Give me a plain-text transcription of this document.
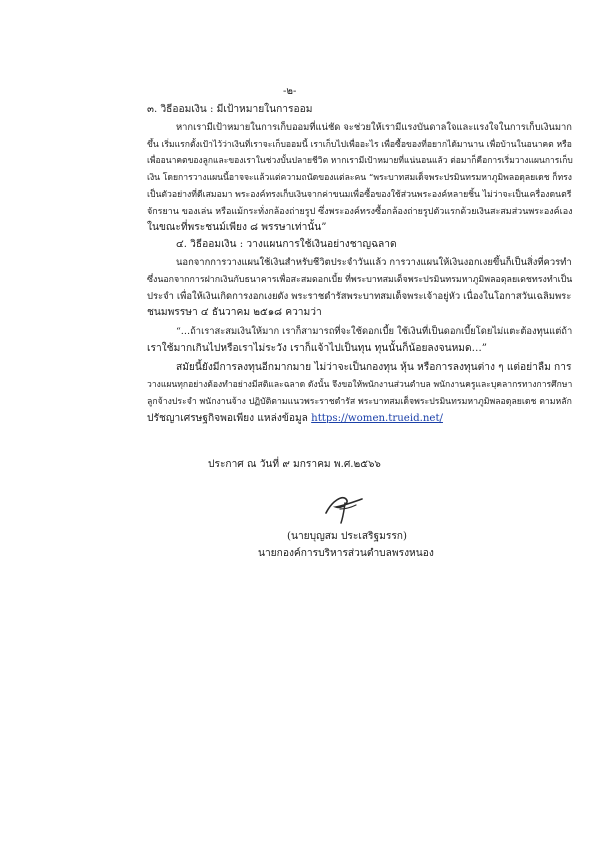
-๒-
๓. วิธีออมเงิน : มีเป้าหมายในการออม
หากเรามีเป้าหมายในการเก็บออมที่แน่ชัด จะช่วยให้เรามีแรงบันดาลใจและแรงใจในการเก็บเงินมาก
ขึ้น เริ่มแรกตั้งเป้าไว้ว่าเงินที่เราจะเก็บออมนี้ เราเก็บไปเพื่ออะไร เพื่อซื้อของที่อยากได้มานาน เพื่อบ้านในอนาคต หรือ
เพื่ออนาคตของลูกและของเราในช่วงบั้นปลายชีวิต หากเรามีเป้าหมายที่แน่นอนแล้ว ต่อมาก็คือการเริ่มวางแผนการเก็บ
เงิน โดยการวางแผนนี้อาจจะแล้วแต่ความถนัดของแต่ละคน “พระบาทสมเด็จพระปรมินทรมหาภูมิพลอดุลยเดช ก็ทรง
เป็นตัวอย่างที่ดีเสมอมา พระองค์ทรงเก็บเงินจากค่าขนมเพื่อซื้อของใช้ส่วนพระองค์หลายชิ้น ไม่ว่าจะเป็นเครื่องดนตรี
จักรยาน ของเล่น หรือแม้กระทั่งกล้องถ่ายรูป ซึ่งพระองค์ทรงซื้อกล้องถ่ายรูปตัวแรกด้วยเงินสะสมส่วนพระองค์เอง
ในขณะที่พระชนม์เพียง ๘ พรรษาเท่านั้น”
๔. วิธีออมเงิน : วางแผนการใช้เงินอย่างชาญฉลาด
นอกจากการวางแผนใช้เงินสำหรับชีวิตประจำวันแล้ว การวางแผนให้เงินงอกเงยขึ้นก็เป็นสิ่งที่ควรทำ
ซึ่งนอกจากการฝากเงินกับธนาคารเพื่อสะสมดอกเบี้ย ที่พระบาทสมเด็จพระปรมินทรมหาภูมิพลอดุลยเดชทรงทำเป็น
ประจำ เพื่อให้เงินเกิดการงอกเงยดัง พระราชดำรัสพระบาทสมเด็จพระเจ้าอยู่หัว เนื่องในโอกาสวันเฉลิมพระ
ชนมพรรษา ๔ ธันวาคม ๒๕๑๘ ความว่า
“…ถ้าเราสะสมเงินให้มาก เราก็สามารถที่จะใช้ดอกเบี้ย ใช้เงินที่เป็นดอกเบี้ยโดยไม่แตะต้องทุนแต่ถ้า
เราใช้มากเกินไปหรือเราไม่ระวัง เราก็แจ้าไปเป็นทุน ทุนนั้นก็น้อยลงจนหมด…”
สมัยนี้ยังมีการลงทุนอีกมากมาย ไม่ว่าจะเป็นกองทุน หุ้น หรือการลงทุนต่าง ๆ แต่อย่าลืม การ
วางแผนทุกอย่างต้องทำอย่างมีสติและฉลาด ดังนั้น จึงขอให้พนักงานส่วนตำบล พนักงานครูและบุคลากรทางการศึกษา
ลูกจ้างประจำ พนักงานจ้าง ปฏิบัติตามแนวพระราชดำรัส พระบาทสมเด็จพระปรมินทรมหาภูมิพลอดุลยเดช ตามหลัก
ปรัชญาเศรษฐกิจพอเพียง แหล่งข้อมูล https://women.trueid.net/
ประกาศ ณ วันที่ ๙ มกราคม พ.ศ.๒๕๖๖
(นายบุญสม ประเสริฐมรรก)
นายกองค์การบริหารส่วนตำบลพรงหนอง
